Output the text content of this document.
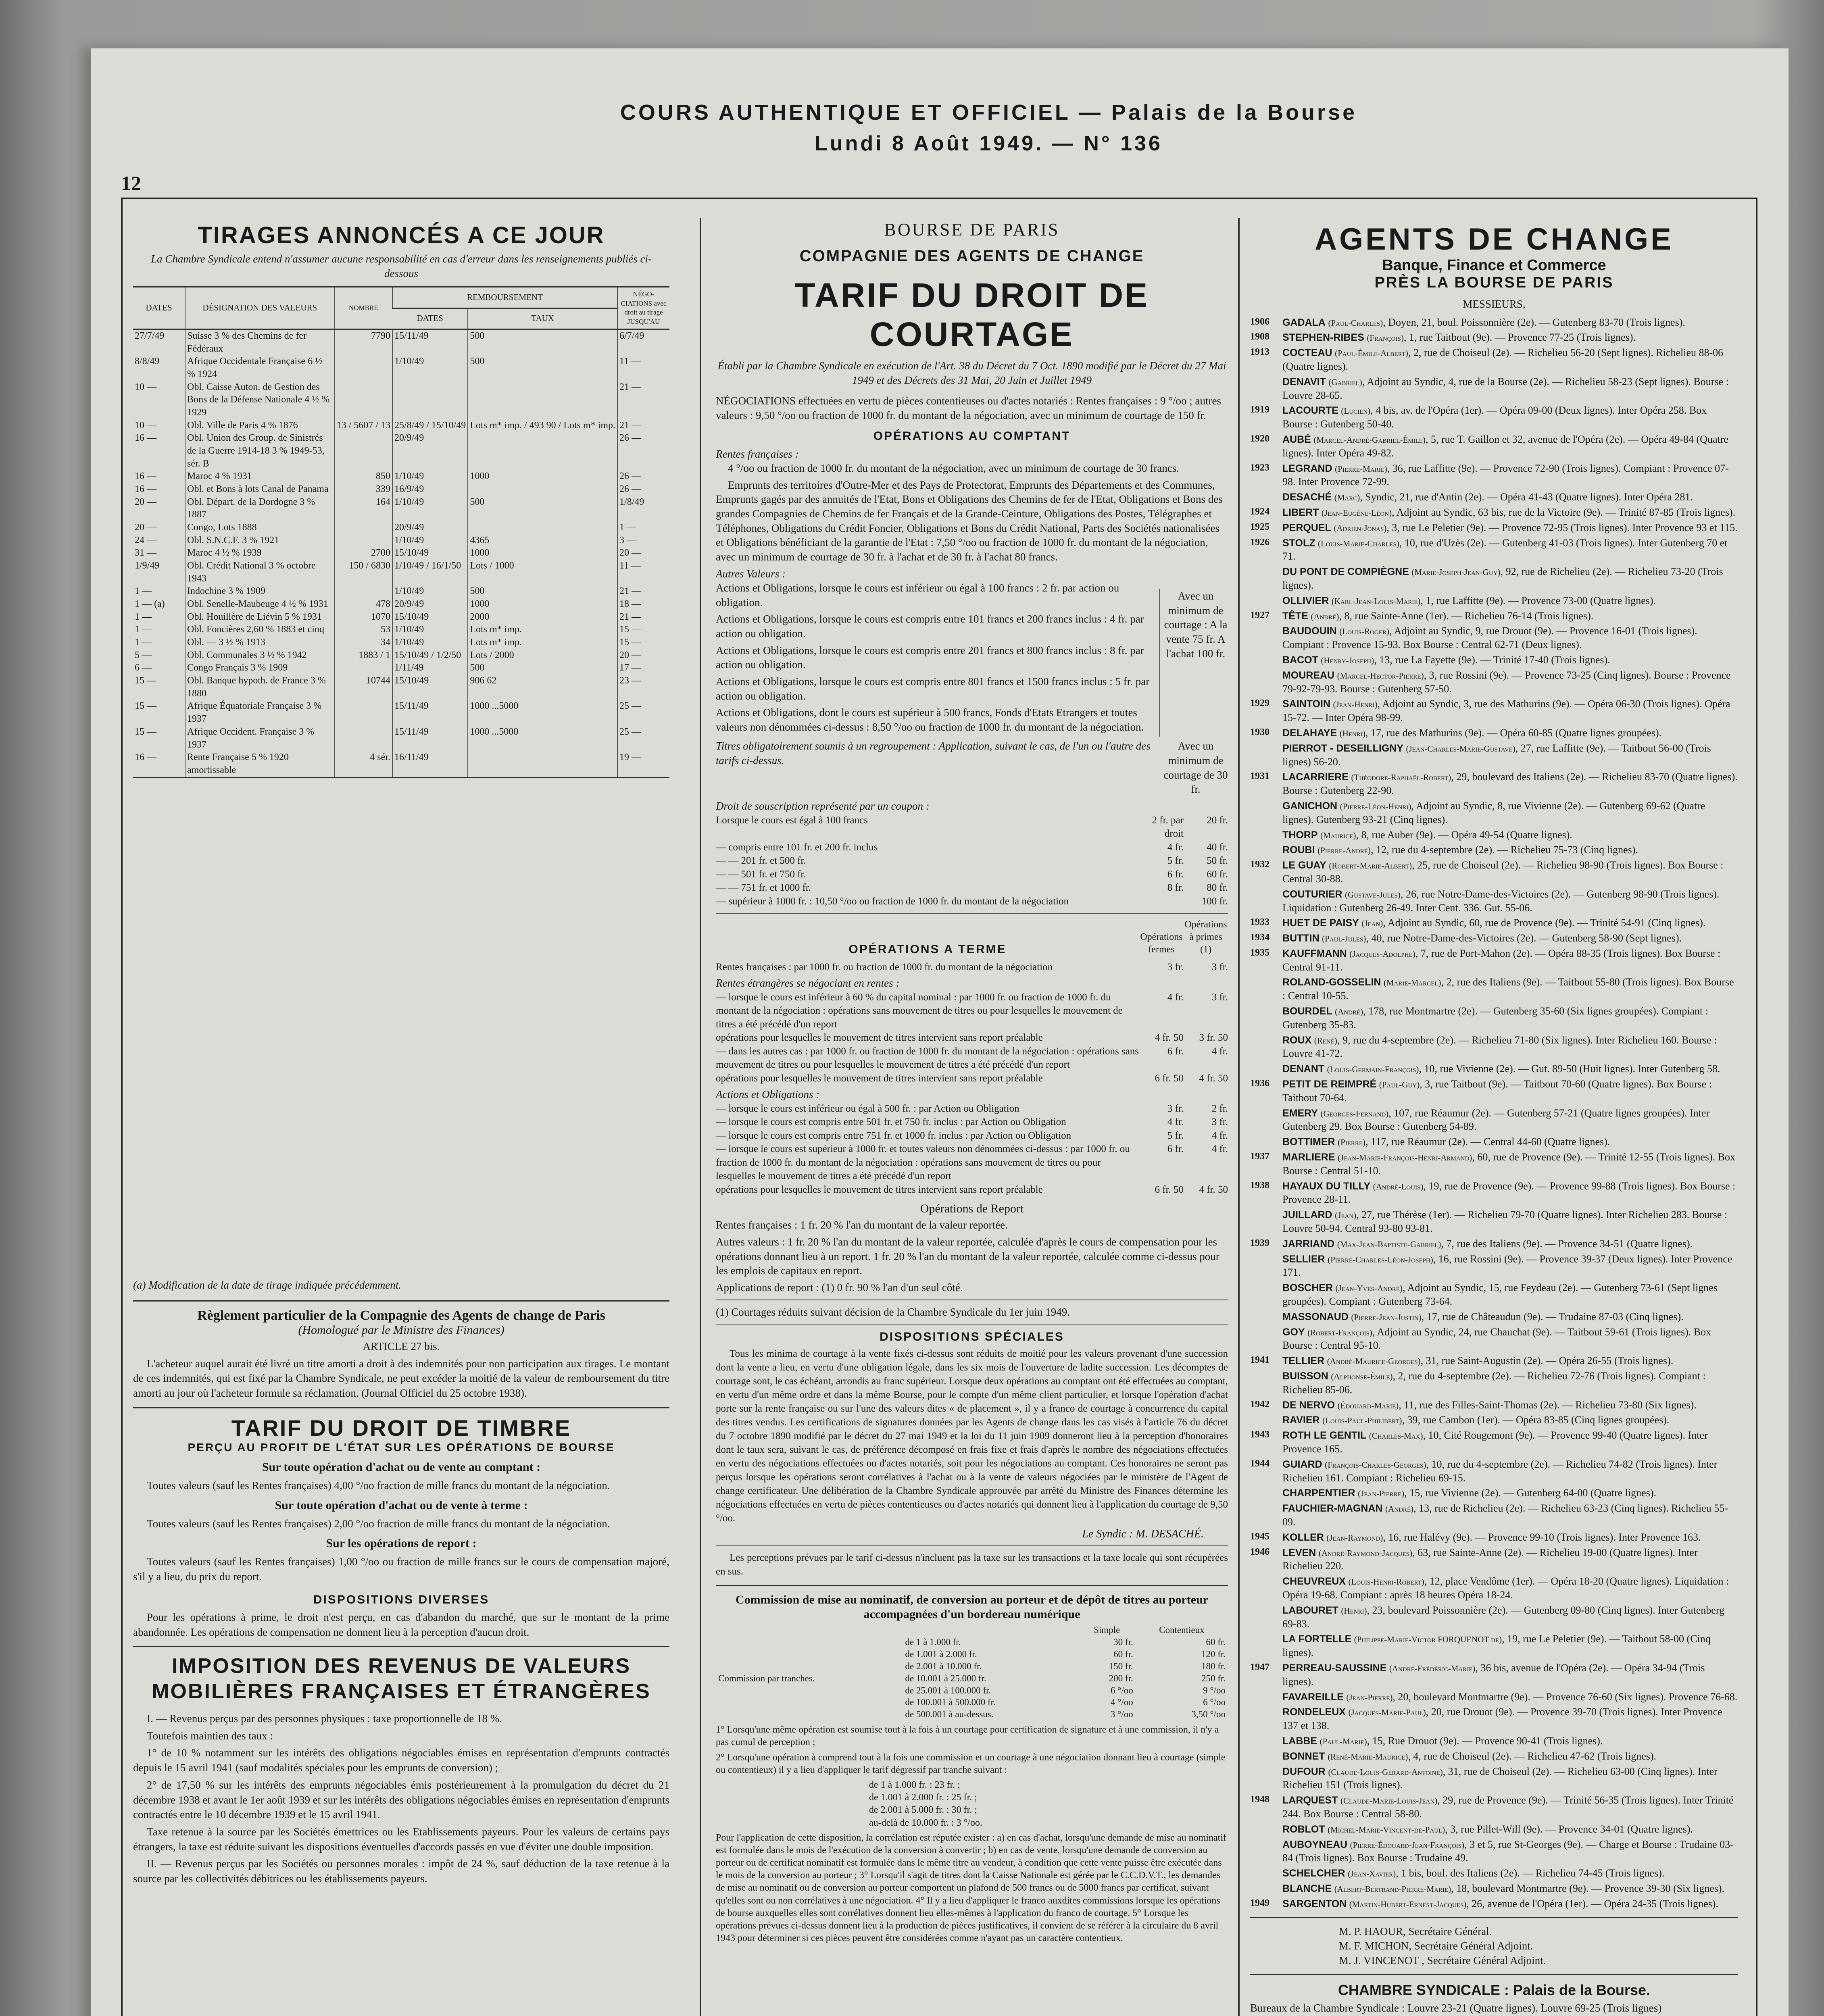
COURS AUTHENTIQUE ET OFFICIEL — Palais de la Bourse
12
Lundi 8 Août 1949. — N° 136
TIRAGES ANNONCÉS A CE JOUR
La Chambre Syndicale entend n'assumer aucune responsabilité en cas d'erreur dans les renseignements publiés ci-dessous
DATES	DÉSIGNATION DES VALEURS	NOMBRE	REMBOURSEMENT		NÉGO-CIATIONS avec droit au tirage JUSQU'AU
			DATES	TAUX	
27/7/49	Suisse 3 % des Chemins de fer Fédéraux	7790	15/11/49	500	6/7/49
8/8/49	Afrique Occidentale Française 6 ½ % 1924		1/10/49	500	11 —
10 —	Obl. Caisse Auton. de Gestion des Bons de la Défense Nationale 4 ½ % 1929				21 —
10 —	Obl. Ville de Paris 4 % 1876	13 / 5607 / 13	25/8/49 / 15/10/49	Lots m* imp. / 493 90 / Lots m* imp.	21 —
16 —	Obl. Union des Group. de Sinistrés de la Guerre 1914-18 3 % 1949-53, sér. B		20/9/49		26 —
16 —	Maroc 4 % 1931	850	1/10/49	1000	26 —
16 —	Obl. et Bons à lots Canal de Panama	339	16/9/49		26 —
20 —	Obl. Départ. de la Dordogne 3 % 1887	164	1/10/49	500	1/8/49
20 —	Congo, Lots 1888		20/9/49		1 —
24 —	Obl. S.N.C.F. 3 % 1921		1/10/49	4365	3 —
31 —	Maroc 4 ½ % 1939	2700	15/10/49	1000	20 —
1/9/49	Obl. Crédit National 3 % octobre 1943	150 / 6830	1/10/49 / 16/1/50	Lots / 1000	11 —
1 —	Indochine 3 % 1909		1/10/49	500	21 —
1 — (a)	Obl. Senelle-Maubeuge 4 ½ % 1931	478	20/9/49	1000	18 —
1 —	Obl. Houillère de Liévin 5 % 1931	1070	15/10/49	2000	21 —
1 —	Obl. Foncières 2,60 % 1883 et cinq	53	1/10/49	Lots m* imp.	15 —
1 —	Obl. — 3 ½ % 1913	34	1/10/49	Lots m* imp.	15 —
5 —	Obl. Communales 3 ½ % 1942	1883 / 1	15/10/49 / 1/2/50	Lots / 2000	20 —
6 —	Congo Français 3 % 1909		1/11/49	500	17 —
15 —	Obl. Banque hypoth. de France 3 % 1880	10744	15/10/49	906 62	23 —
15 —	Afrique Équatoriale Française 3 % 1937		15/11/49	1000 ...5000	25 —
15 —	Afrique Occident. Française 3 % 1937		15/11/49	1000 ...5000	25 —
16 —	Rente Française 5 % 1920 amortissable	4 sér.	16/11/49		19 —
(a) Modification de la date de tirage indiquée précédemment.
Règlement particulier de la Compagnie des Agents de change de Paris
(Homologué par le Ministre des Finances)
ARTICLE 27 bis.

L'acheteur auquel aurait été livré un titre amorti a droit à des indemnités pour non participation aux tirages. Le montant de ces indemnités, qui est fixé par la Chambre Syndicale, ne peut excéder la moitié de la valeur de remboursement du titre amorti au jour où l'acheteur formule sa réclamation. (Journal Officiel du 25 octobre 1938).

TARIF DU DROIT DE TIMBRE
PERÇU AU PROFIT DE L'ÉTAT SUR LES OPÉRATIONS DE BOURSE
Sur toute opération d'achat ou de vente au comptant :

Toutes valeurs (sauf les Rentes françaises) 4,00 °/oo fraction de mille francs du montant de la négociation.

Sur toute opération d'achat ou de vente à terme :

Toutes valeurs (sauf les Rentes françaises) 2,00 °/oo fraction de mille francs du montant de la négociation.

Sur les opérations de report :

Toutes valeurs (sauf les Rentes françaises) 1,00 °/oo ou fraction de mille francs sur le cours de compensation majoré, s'il y a lieu, du prix du report.

DISPOSITIONS DIVERSES

Pour les opérations à prime, le droit n'est perçu, en cas d'abandon du marché, que sur le montant de la prime abandonnée. Les opérations de compensation ne donnent lieu à la perception d'aucun droit.

IMPOSITION DES REVENUS DE VALEURS MOBILIÈRES FRANÇAISES ET ÉTRANGÈRES

I. — Revenus perçus par des personnes physiques : taxe proportionnelle de 18 %.

Toutefois maintien des taux :

1° de 10 % notamment sur les intérêts des obligations négociables émises en représentation d'emprunts contractés depuis le 15 avril 1941 (sauf modalités spéciales pour les emprunts de conversion) ;

2° de 17,50 % sur les intérêts des emprunts négociables émis postérieurement à la promulgation du décret du 21 décembre 1938 et avant le 1er août 1939 et sur les intérêts des obligations négociables émises en représentation d'emprunts contractés entre le 10 décembre 1939 et le 15 avril 1941.

Taxe retenue à la source par les Sociétés émettrices ou les Etablissements payeurs. Pour les valeurs de certains pays étrangers, la taxe est réduite suivant les dispositions éventuelles d'accords passés en vue d'éviter une double imposition.

II. — Revenus perçus par les Sociétés ou personnes morales : impôt de 24 %, sauf déduction de la taxe retenue à la source par les collectivités débitrices ou les établissements payeurs.

BOURSE DE PARIS
COMPAGNIE DES AGENTS DE CHANGE
TARIF DU DROIT DE COURTAGE
Établi par la Chambre Syndicale en exécution de l'Art. 38 du Décret du 7 Oct. 1890 modifié par le Décret du 27 Mai 1949 et des Décrets des 31 Mai, 20 Juin et Juillet 1949

NÉGOCIATIONS effectuées en vertu de pièces contentieuses ou d'actes notariés : Rentes françaises : 9 °/oo ; autres valeurs : 9,50 °/oo ou fraction de 1000 fr. du montant de la négociation, avec un minimum de courtage de 150 fr.

OPÉRATIONS AU COMPTANT
Rentes françaises :

4 °/oo ou fraction de 1000 fr. du montant de la négociation, avec un minimum de courtage de 30 francs.

Emprunts des territoires d'Outre-Mer et des Pays de Protectorat, Emprunts des Départements et des Communes, Emprunts gagés par des annuités de l'Etat, Bons et Obligations des Chemins de fer de l'Etat, Obligations et Bons des grandes Compagnies de Chemins de fer Français et de la Grande-Ceinture, Obligations des Postes, Télégraphes et Téléphones, Obligations du Crédit Foncier, Obligations et Bons du Crédit National, Parts des Sociétés nationalisées et Obligations bénéficiant de la garantie de l'Etat : 7,50 °/oo ou fraction de 1000 fr. du montant de la négociation, avec un minimum de courtage de 30 fr. à l'achat et de 30 fr. à l'achat 80 francs.

Autres Valeurs :

Actions et Obligations, lorsque le cours est inférieur ou égal à 100 francs : 2 fr. par action ou obligation.

Actions et Obligations, lorsque le cours est compris entre 101 francs et 200 francs inclus : 4 fr. par action ou obligation.

Actions et Obligations, lorsque le cours est compris entre 201 francs et 800 francs inclus : 8 fr. par action ou obligation.

Actions et Obligations, lorsque le cours est compris entre 801 francs et 1500 francs inclus : 5 fr. par action ou obligation.

Actions et Obligations, dont le cours est supérieur à 500 francs, Fonds d'Etats Etrangers et toutes valeurs non dénommées ci-dessus : 8,50 °/oo ou fraction de 1000 fr. du montant de la négociation.

Avec un minimum de courtage : A la vente 75 fr. A l'achat 100 fr.

Titres obligatoirement soumis à un regroupement : Application, suivant le cas, de l'un ou l'autre des tarifs ci-dessus.

Avec un minimum de courtage de 30 fr.
Droit de souscription représenté par un coupon :
Lorsque le cours est égal à 100 francs	2 fr. par droit
20 fr.
— compris entre 101 fr. et 200 fr. inclus	4 fr.	40 fr.
— — 201 fr. et 500 fr.	5 fr.	50 fr.
— — 501 fr. et 750 fr.	6 fr.	60 fr.
— — 751 fr. et 1000 fr.	8 fr.	80 fr.
— supérieur à 1000 fr. : 10,50 °/oo ou fraction de 1000 fr. du montant de la négociation	100 fr.
OPÉRATIONS A TERME
Opérations fermes
Opérations à primes (1)
Rentes françaises : par 1000 fr. ou fraction de 1000 fr. du montant de la négociation	3 fr.	3 fr.
Rentes étrangères se négociant en rentes :
— lorsque le cours est inférieur à 60 % du capital nominal : par 1000 fr. ou fraction de 1000 fr. du montant de la négociation : opérations sans mouvement de titres ou pour lesquelles le mouvement de titres a été précédé d'un report
4 fr.	3 fr.
opérations pour lesquelles le mouvement de titres intervient sans report préalable	4 fr. 50	3 fr. 50
— dans les autres cas : par 1000 fr. ou fraction de 1000 fr. du montant de la négociation : opérations sans mouvement de titres ou pour lesquelles le mouvement de titres a été précédé d'un report
6 fr.	4 fr.
opérations pour lesquelles le mouvement de titres intervient sans report préalable	6 fr. 50	4 fr. 50
Actions et Obligations :
— lorsque le cours est inférieur ou égal à 500 fr. : par Action ou Obligation	3 fr.	2 fr.
— lorsque le cours est compris entre 501 fr. et 750 fr. inclus : par Action ou Obligation	4 fr.	3 fr.
— lorsque le cours est compris entre 751 fr. et 1000 fr. inclus : par Action ou Obligation	5 fr.	4 fr.
— lorsque le cours est supérieur à 1000 fr. et toutes valeurs non dénommées ci-dessus : par 1000 fr. ou fraction de 1000 fr. du montant de la négociation : opérations sans mouvement de titres ou pour lesquelles le mouvement de titres a été précédé d'un report
6 fr.	4 fr.
opérations pour lesquelles le mouvement de titres intervient sans report préalable	6 fr. 50	4 fr. 50
Opérations de Report

Rentes françaises : 1 fr. 20 % l'an du montant de la valeur reportée.

Autres valeurs : 1 fr. 20 % l'an du montant de la valeur reportée, calculée d'après le cours de compensation pour les opérations donnant lieu à un report. 1 fr. 20 % l'an du montant de la valeur reportée, calculée comme ci-dessus pour les emplois de capitaux en report.

Applications de report : (1) 0 fr. 90 % l'an d'un seul côté.

(1) Courtages réduits suivant décision de la Chambre Syndicale du 1er juin 1949.

DISPOSITIONS SPÉCIALES

Tous les minima de courtage à la vente fixés ci-dessus sont réduits de moitié pour les valeurs provenant d'une succession dont la vente a lieu, en vertu d'une obligation légale, dans les six mois de l'ouverture de ladite succession. Les décomptes de courtage sont, le cas échéant, arrondis au franc supérieur. Lorsque deux opérations au comptant ont été effectuées au comptant, en vertu d'un même ordre et dans la même Bourse, pour le compte d'un même client particulier, et lorsque l'opération d'achat porte sur la rente française ou sur l'une des valeurs dites « de placement », il y a franco de courtage à concurrence du capital des titres vendus. Les certifications de signatures données par les Agents de change dans les cas visés à l'article 76 du décret du 7 octobre 1890 modifié par le décret du 27 mai 1949 et la loi du 11 juin 1909 donneront lieu à la perception d'honoraires dont le taux sera, suivant le cas, de préférence décomposé en frais fixe et frais d'après le nombre des négociations effectuées en vertu des négociations effectuées ou d'actes notariés, soit pour les négociations au comptant. Ces honoraires ne seront pas perçus lorsque les opérations seront corrélatives à l'achat ou à la vente de valeurs négociées par le ministère de l'Agent de change certificateur. Une délibération de la Chambre Syndicale approuvée par arrêté du Ministre des Finances détermine les négociations effectuées en vertu de pièces contentieuses ou d'actes notariés qui donnent lieu à l'application du courtage de 9,50 °/oo.

Le Syndic : M. DESACHÉ.

Les perceptions prévues par le tarif ci-dessus n'incluent pas la taxe sur les transactions et la taxe locale qui sont récupérées en sus.

Commission de mise au nominatif, de conversion au porteur et de dépôt de titres au porteur accompagnées d'un bordereau numérique
		Simple	Contentieux
	de 1 à 1.000 fr.	30 fr.	60 fr.
	de 1.001 à 2.000 fr.	60 fr.	120 fr.
	de 2.001 à 10.000 fr.	150 fr.	180 fr.
Commission par tranches.	de 10.001 à 25.000 fr.	200 fr.	250 fr.
	de 25.001 à 100.000 fr.	6 °/oo	9 °/oo
	de 100.001 à 500.000 fr.	4 °/oo	6 °/oo
	de 500.001 à au-dessus.	3 °/oo	3,50 °/oo

1° Lorsqu'une même opération est soumise tout à la fois à un courtage pour certification de signature et à une commission, il n'y a pas cumul de perception ;

2° Lorsqu'une opération à comprend tout à la fois une commission et un courtage à une négociation donnant lieu à courtage (simple ou contentieux) il y a lieu d'appliquer le tarif dégressif par tranche suivant :

de 1 à 1.000 fr. : 23 fr. ;
de 1.001 à 2.000 fr. : 25 fr. ;
de 2.001 à 5.000 fr. : 30 fr. ;
au-delà de 10.000 fr. : 3 °/oo.

Pour l'application de cette disposition, la corrélation est réputée exister : a) en cas d'achat, lorsqu'une demande de mise au nominatif est formulée dans le mois de l'exécution de la conversion à convertir ; b) en cas de vente, lorsqu'une demande de conversion au porteur ou de certificat nominatif est formulée dans le même titre au vendeur, à condition que cette vente puisse être exécutée dans le mois de la conversion au porteur ; 3° Lorsqu'il s'agit de titres dont la Caisse Nationale est gérée par le C.C.D.V.T., les demandes de mise au nominatif ou de conversion au porteur comportent un plafond de 500 francs ou de 5000 francs par certificat, suivant qu'elles sont ou non corrélatives à une négociation. 4° Il y a lieu d'appliquer le franco auxdites commissions lorsque les opérations de bourse auxquelles elles sont corrélatives donnent lieu elles-mêmes à l'application du franco de courtage. 5° Lorsque les opérations prévues ci-dessus donnent lieu à la production de pièces justificatives, il convient de se référer à la circulaire du 8 avril 1943 pour déterminer si ces pièces peuvent être considérées comme n'ayant pas un caractère contentieux.

AGENTS DE CHANGE
Banque, Finance et Commerce
PRÈS LA BOURSE DE PARIS
MESSIEURS,
1906	GADALA (Paul-Charles), Doyen, 21, boul. Poissonnière (2e). — Gutenberg 83-70 (Trois lignes).
1908	STEPHEN-RIBES (François), 1, rue Taitbout (9e). — Provence 77-25 (Trois lignes).
1913	COCTEAU (Paul-Émile-Albert), 2, rue de Choiseul (2e). — Richelieu 56-20 (Sept lignes). Richelieu 88-06 (Quatre lignes).
DENAVIT (Gabriel), Adjoint au Syndic, 4, rue de la Bourse (2e). — Richelieu 58-23 (Sept lignes). Bourse : Louvre 28-65.
1919	LACOURTE (Lucien), 4 bis, av. de l'Opéra (1er). — Opéra 09-00 (Deux lignes). Inter Opéra 258. Box Bourse : Gutenberg 50-40.
1920	AUBÉ (Marcel-André-Gabriel-Émile), 5, rue T. Gaillon et 32, avenue de l'Opéra (2e). — Opéra 49-84 (Quatre lignes). Inter Opéra 49-82.
1923	LEGRAND (Pierre-Marie), 36, rue Laffitte (9e). — Provence 72-90 (Trois lignes). Compiant : Provence 07-98. Inter Provence 72-99.
DESACHÉ (Marc), Syndic, 21, rue d'Antin (2e). — Opéra 41-43 (Quatre lignes). Inter Opéra 281.
1924	LIBERT (Jean-Eugène-Léon), Adjoint au Syndic, 63 bis, rue de la Victoire (9e). — Trinité 87-85 (Trois lignes).
1925	PERQUEL (Adrien-Jonas), 3, rue Le Peletier (9e). — Provence 72-95 (Trois lignes). Inter Provence 93 et 115.
1926	STOLZ (Louis-Marie-Charles), 10, rue d'Uzès (2e). — Gutenberg 41-03 (Trois lignes). Inter Gutenberg 70 et 71.
DU PONT DE COMPIÈGNE (Marie-Joseph-Jean-Guy), 92, rue de Richelieu (2e). — Richelieu 73-20 (Trois lignes).
OLLIVIER (Karl-Jean-Louis-Marie), 1, rue Laffitte (9e). — Provence 73-00 (Quatre lignes).
1927	TÊTE (André), 8, rue Sainte-Anne (1er). — Richelieu 76-14 (Trois lignes).
BAUDOUIN (Louis-Roger), Adjoint au Syndic, 9, rue Drouot (9e). — Provence 16-01 (Trois lignes). Compiant : Provence 15-93. Box Bourse : Central 62-71 (Deux lignes).
BACOT (Henry-Joseph), 13, rue La Fayette (9e). — Trinité 17-40 (Trois lignes).
MOUREAU (Marcel-Hector-Pierre), 3, rue Rossini (9e). — Provence 73-25 (Cinq lignes). Bourse : Provence 79-92-79-93. Bourse : Gutenberg 57-50.
1929	SAINTOIN (Jean-Henri), Adjoint au Syndic, 3, rue des Mathurins (9e). — Opéra 06-30 (Trois lignes). Opéra 15-72. — Inter Opéra 98-99.
1930	DELAHAYE (Henri), 17, rue des Mathurins (9e). — Opéra 60-85 (Quatre lignes groupées).
PIERROT - DESEILLIGNY (Jean-Charles-Marie-Gustave), 27, rue Laffitte (9e). — Taitbout 56-00 (Trois lignes) 56-20.
1931	LACARRIERE (Théodore-Raphaël-Robert), 29, boulevard des Italiens (2e). — Richelieu 83-70 (Quatre lignes). Bourse : Gutenberg 22-90.
GANICHON (Pierre-Léon-Henri), Adjoint au Syndic, 8, rue Vivienne (2e). — Gutenberg 69-62 (Quatre lignes). Gutenberg 93-21 (Cinq lignes).
THORP (Maurice), 8, rue Auber (9e). — Opéra 49-54 (Quatre lignes).
ROUBI (Pierre-André), 12, rue du 4-septembre (2e). — Richelieu 75-73 (Cinq lignes).
1932	LE GUAY (Robert-Marie-Albert), 25, rue de Choiseul (2e). — Richelieu 98-90 (Trois lignes). Box Bourse : Central 30-88.
COUTURIER (Gustave-Jules), 26, rue Notre-Dame-des-Victoires (2e). — Gutenberg 98-90 (Trois lignes). Liquidation : Gutenberg 26-49. Inter Cent. 336. Gut. 55-06.
1933	HUET DE PAISY (Jean), Adjoint au Syndic, 60, rue de Provence (9e). — Trinité 54-91 (Cinq lignes).
1934	BUTTIN (Paul-Jules), 40, rue Notre-Dame-des-Victoires (2e). — Gutenberg 58-90 (Sept lignes).
1935	KAUFFMANN (Jacques-Adolphe), 7, rue de Port-Mahon (2e). — Opéra 88-35 (Trois lignes). Box Bourse : Central 91-11.
ROLAND-GOSSELIN (Marie-Marcel), 2, rue des Italiens (9e). — Taitbout 55-80 (Trois lignes). Box Bourse : Central 10-55.
BOURDEL (André), 178, rue Montmartre (2e). — Gutenberg 35-60 (Six lignes groupées). Compiant : Gutenberg 35-83.
ROUX (René), 9, rue du 4-septembre (2e). — Richelieu 71-80 (Six lignes). Inter Richelieu 160. Bourse : Louvre 41-72.
DENANT (Louis-Germain-François), 10, rue Vivienne (2e). — Gut. 89-50 (Huit lignes). Inter Gutenberg 58.
1936	PETIT DE REIMPRÉ (Paul-Guy), 3, rue Taitbout (9e). — Taitbout 70-60 (Quatre lignes). Box Bourse : Taitbout 70-64.
EMERY (Georges-Fernand), 107, rue Réaumur (2e). — Gutenberg 57-21 (Quatre lignes groupées). Inter Gutenberg 29. Box Bourse : Gutenberg 54-89.
BOTTIMER (Pierre), 117, rue Réaumur (2e). — Central 44-60 (Quatre lignes).
1937	MARLIERE (Jean-Marie-François-Henri-Armand), 60, rue de Provence (9e). — Trinité 12-55 (Trois lignes). Box Bourse : Central 51-10.
1938	HAYAUX DU TILLY (André-Louis), 19, rue de Provence (9e). — Provence 99-88 (Trois lignes). Box Bourse : Provence 28-11.
JUILLARD (Jean), 27, rue Thérèse (1er). — Richelieu 79-70 (Quatre lignes). Inter Richelieu 283. Bourse : Louvre 50-94. Central 93-80 93-81.
1939	JARRIAND (Max-Jean-Baptiste-Gabriel), 7, rue des Italiens (9e). — Provence 34-51 (Quatre lignes).
SELLIER (Pierre-Charles-Léon-Joseph), 16, rue Rossini (9e). — Provence 39-37 (Deux lignes). Inter Provence 171.
BOSCHER (Jean-Yves-André), Adjoint au Syndic, 15, rue Feydeau (2e). — Gutenberg 73-61 (Sept lignes groupées). Compiant : Gutenberg 73-64.
MASSONAUD (Pierre-Jean-Justin), 17, rue de Châteaudun (9e). — Trudaine 87-03 (Cinq lignes).
GOY (Robert-François), Adjoint au Syndic, 24, rue Chauchat (9e). — Taitbout 59-61 (Trois lignes). Box Bourse : Central 95-10.
1941	TELLIER (André-Maurice-Georges), 31, rue Saint-Augustin (2e). — Opéra 26-55 (Trois lignes).
BUISSON (Alphonse-Émile), 2, rue du 4-septembre (2e). — Richelieu 72-76 (Trois lignes). Compiant : Richelieu 85-06.
1942	DE NERVO (Édouard-Marie), 11, rue des Filles-Saint-Thomas (2e). — Richelieu 73-80 (Six lignes).
RAVIER (Louis-Paul-Philibert), 39, rue Cambon (1er). — Opéra 83-85 (Cinq lignes groupées).
1943	ROTH LE GENTIL (Charles-Max), 10, Cité Rougemont (9e). — Provence 99-40 (Quatre lignes). Inter Provence 165.
1944	GUIARD (François-Charles-Georges), 10, rue du 4-septembre (2e). — Richelieu 74-82 (Trois lignes). Inter Richelieu 161. Compiant : Richelieu 69-15.
CHARPENTIER (Jean-Pierre), 15, rue Vivienne (2e). — Gutenberg 64-00 (Quatre lignes).
FAUCHIER-MAGNAN (André), 13, rue de Richelieu (2e). — Richelieu 63-23 (Cinq lignes). Richelieu 55-09.
1945	KOLLER (Jean-Raymond), 16, rue Halévy (9e). — Provence 99-10 (Trois lignes). Inter Provence 163.
1946	LEVEN (André-Raymond-Jacques), 63, rue Sainte-Anne (2e). — Richelieu 19-00 (Quatre lignes). Inter Richelieu 220.
CHEUVREUX (Louis-Henri-Robert), 12, place Vendôme (1er). — Opéra 18-20 (Quatre lignes). Liquidation : Opéra 19-68. Compiant : après 18 heures Opéra 18-24.
LABOURET (Henri), 23, boulevard Poissonnière (2e). — Gutenberg 09-80 (Cinq lignes). Inter Gutenberg 69-83.
LA FORTELLE (Philippe-Marie-Victor FORQUENOT de), 19, rue Le Peletier (9e). — Taitbout 58-00 (Cinq lignes).
1947	PERREAU-SAUSSINE (André-Frédéric-Marie), 36 bis, avenue de l'Opéra (2e). — Opéra 34-94 (Trois lignes).
FAVAREILLE (Jean-Pierre), 20, boulevard Montmartre (9e). — Provence 76-60 (Six lignes). Provence 76-68.
RONDELEUX (Jacques-Marie-Paul), 20, rue Drouot (9e). — Provence 39-70 (Trois lignes). Inter Provence 137 et 138.
LABBE (Paul-Marie), 15, Rue Drouot (9e). — Provence 90-41 (Trois lignes).
BONNET (René-Marie-Maurice), 4, rue de Choiseul (2e). — Richelieu 47-62 (Trois lignes).
DUFOUR (Claude-Louis-Gérard-Antoine), 31, rue de Choiseul (2e). — Richelieu 63-00 (Cinq lignes). Inter Richelieu 151 (Trois lignes).
1948	LARQUEST (Claude-Marie-Louis-Jean), 29, rue de Provence (9e). — Trinité 56-35 (Trois lignes). Inter Trinité 244. Box Bourse : Central 58-80.
ROBLOT (Michel-Marie-Vincent-de-Paul), 3, rue Pillet-Will (9e). — Provence 34-01 (Quatre lignes).
AUBOYNEAU (Pierre-Édouard-Jean-François), 3 et 5, rue St-Georges (9e). — Charge et Bourse : Trudaine 03-84 (Trois lignes). Box Bourse : Trudaine 49.
SCHELCHER (Jean-Xavier), 1 bis, boul. des Italiens (2e). — Richelieu 74-45 (Trois lignes).
BLANCHE (Albert-Bertrand-Pierre-Marie), 18, boulevard Montmartre (9e). — Provence 39-30 (Six lignes).
1949	SARGENTON (Martin-Hubert-Ernest-Jacques), 26, avenue de l'Opéra (1er). — Opéra 24-35 (Trois lignes).
M. P. HAOUR, Secrétaire Général.
M. F. MICHON, Secrétaire Général Adjoint.
M. J. VINCENOT , Secrétaire Général Adjoint.
CHAMBRE SYNDICALE : Palais de la Bourse.
Bureaux de la Chambre Syndicale : Louvre 23-21 (Quatre lignes). Louvre 69-25 (Trois lignes)
